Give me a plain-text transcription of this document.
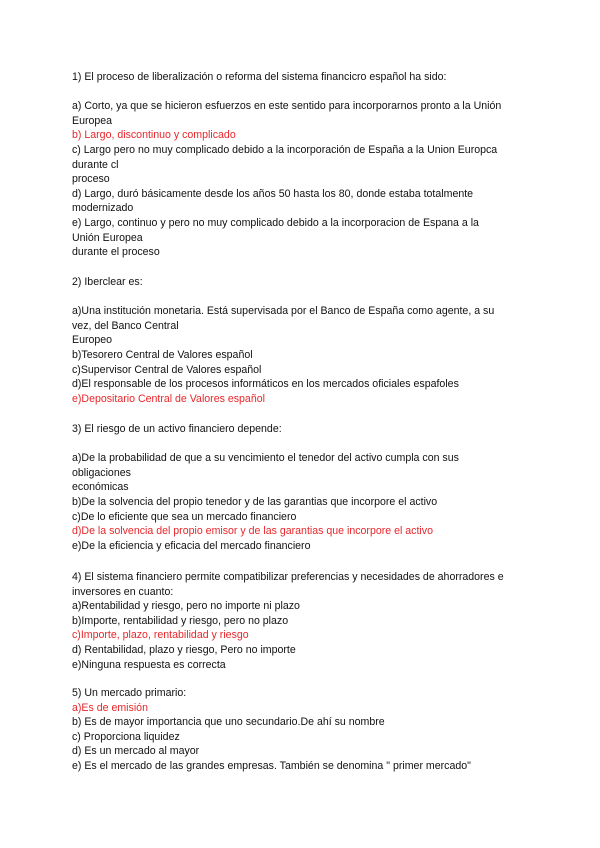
1) El proceso de liberalización o reforma del sistema financicro español ha sido:
a) Corto, ya que se hicieron esfuerzos en este sentido para incorporarnos pronto a la Unión
Europea
b) Largo, discontinuo y complicado
c) Largo pero no muy complicado debido a la incorporación de España a la Union Europca
durante cl
proceso
d) Largo, duró básicamente desde los años 50 hasta los 80, donde estaba totalmente
modernizado
e) Largo, continuo y pero no muy complicado debido a la incorporacion de Espana a la
Unión Europea
durante el proceso
2) Iberclear es:
a)Una institución monetaria. Está supervisada por el Banco de España como agente, a su
vez, del Banco Central
Europeo
b)Tesorero Central de Valores español
c)Supervisor Central de Valores español
d)El responsable de los procesos informáticos en los mercados oficiales espafoles
e)Depositario Central de Valores español
3) El riesgo de un activo financiero depende:
a)De la probabilidad de que a su vencimiento el tenedor del activo cumpla con sus
obligaciones
económicas
b)De la solvencia del propio tenedor y de las garantias que incorpore el activo
c)De lo eficiente que sea un mercado financiero
d)De la solvencia del propio emisor y de las garantias que incorpore el activo
e)De la eficiencia y eficacia del mercado financiero
4) El sistema financiero permite compatibilizar preferencias y necesidades de ahorradores e
inversores en cuanto:
a)Rentabilidad y riesgo, pero no importe ni plazo
b)Importe, rentabilidad y riesgo, pero no plazo
c)Importe, plazo, rentabilidad y riesgo
d) Rentabilidad, plazo y riesgo, Pero no importe
e)Ninguna respuesta es correcta
5) Un mercado primario:
a)Es de emisión
b) Es de mayor importancia que uno secundario.De ahí su nombre
c) Proporciona liquidez
d) Es un mercado al mayor
e) Es el mercado de las grandes empresas. También se denomina " primer mercado"
